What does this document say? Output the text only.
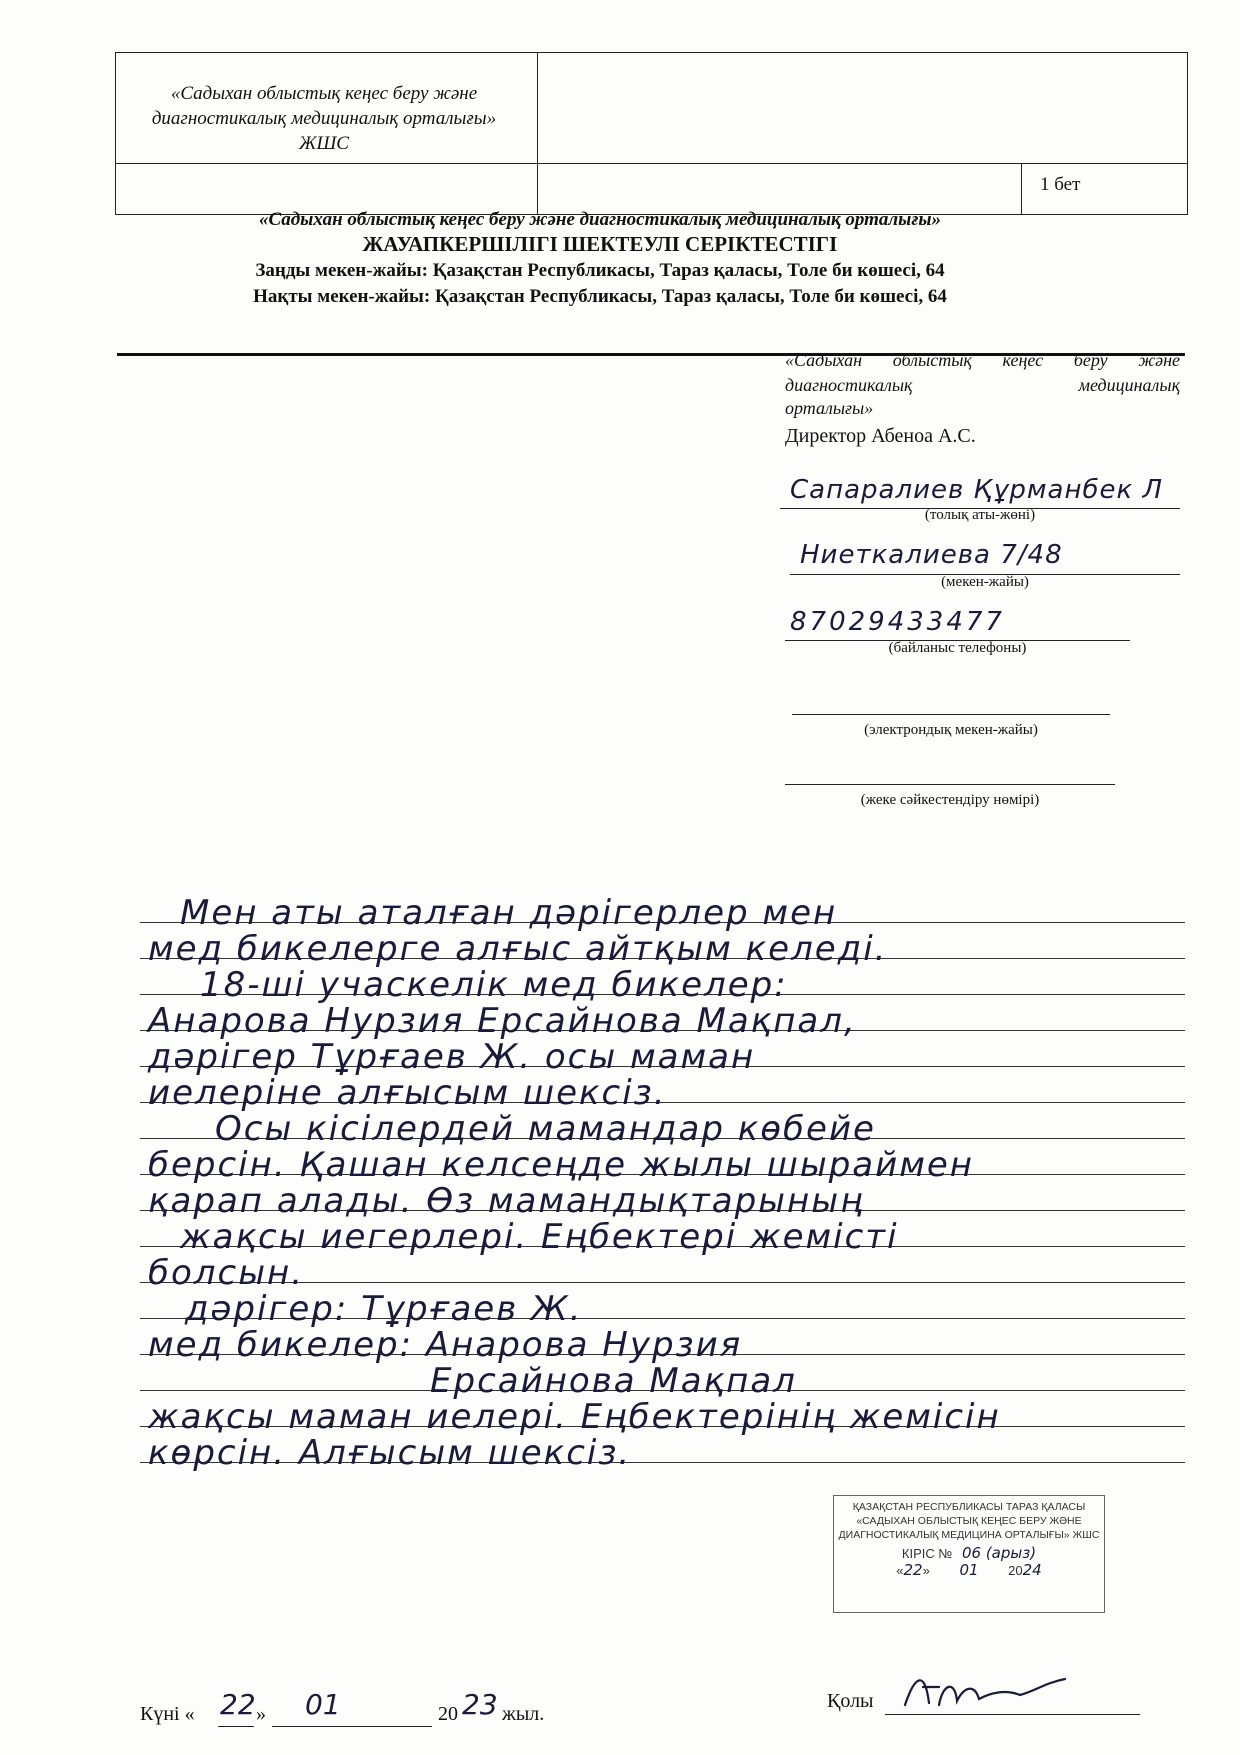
«Садыхан облыстық кеңес беру және диагностикалық медициналық орталығы» ЖШС
1 бет
«Садыхан облыстық кеңес беру және диагностикалық медициналық орталығы»
ЖАУАПКЕРШІЛІГІ ШЕКТЕУЛІ СЕРІКТЕСТІГІ
Заңды мекен-жайы: Қазақстан Республикасы, Тараз қаласы, Толе би көшесі, 64
Нақты мекен-жайы: Қазақстан Республикасы, Тараз қаласы, Толе би көшесі, 64
«Садыхан облыстық кеңес беру және
диагностикалық медициналық
орталығы»
Директор Абеноа А.С.
Сапаралиев Құрманбек Л
(толық аты-жөні)
Ниеткалиева 7/48
(мекен-жайы)
87029433477
(байланыс телефоны)
(электрондық мекен-жайы)
(жеке сәйкестендіру нөмірі)
Мен аты аталған дәрігерлер мен
мед бикелерге алғыс айтқым келеді.
18-ші учаскелік мед бикелер:
Анарова Нурзия Ерсайнова Мақпал,
дәрігер Тұрғаев Ж. осы маман
иелеріне алғысым шексіз.
Осы кісілердей мамандар көбейе
берсін. Қашан келсеңде жылы шыраймен
қарап алады. Өз мамандықтарының
жақсы иегерлері. Еңбектері жемісті
болсын.
дәрігер: Тұрғаев Ж.
мед бикелер: Анарова Нурзия
Ерсайнова Мақпал
жақсы маман иелері. Еңбектерінің жемісін
көрсін. Алғысым шексіз.
ҚАЗАҚСТАН РЕСПУБЛИКАСЫ ТАРАЗ ҚАЛАСЫ
«САДЫХАН ОБЛЫСТЫҚ КЕҢЕС БЕРУ ЖӘНЕ
ДИАГНОСТИКАЛЫҚ МЕДИЦИНА ОРТАЛЫҒЫ» ЖШС
КІРІС № 06 (арыз)
«22» 01 2024
Күні « 22 » 01	20 23 жыл.
Қолы
